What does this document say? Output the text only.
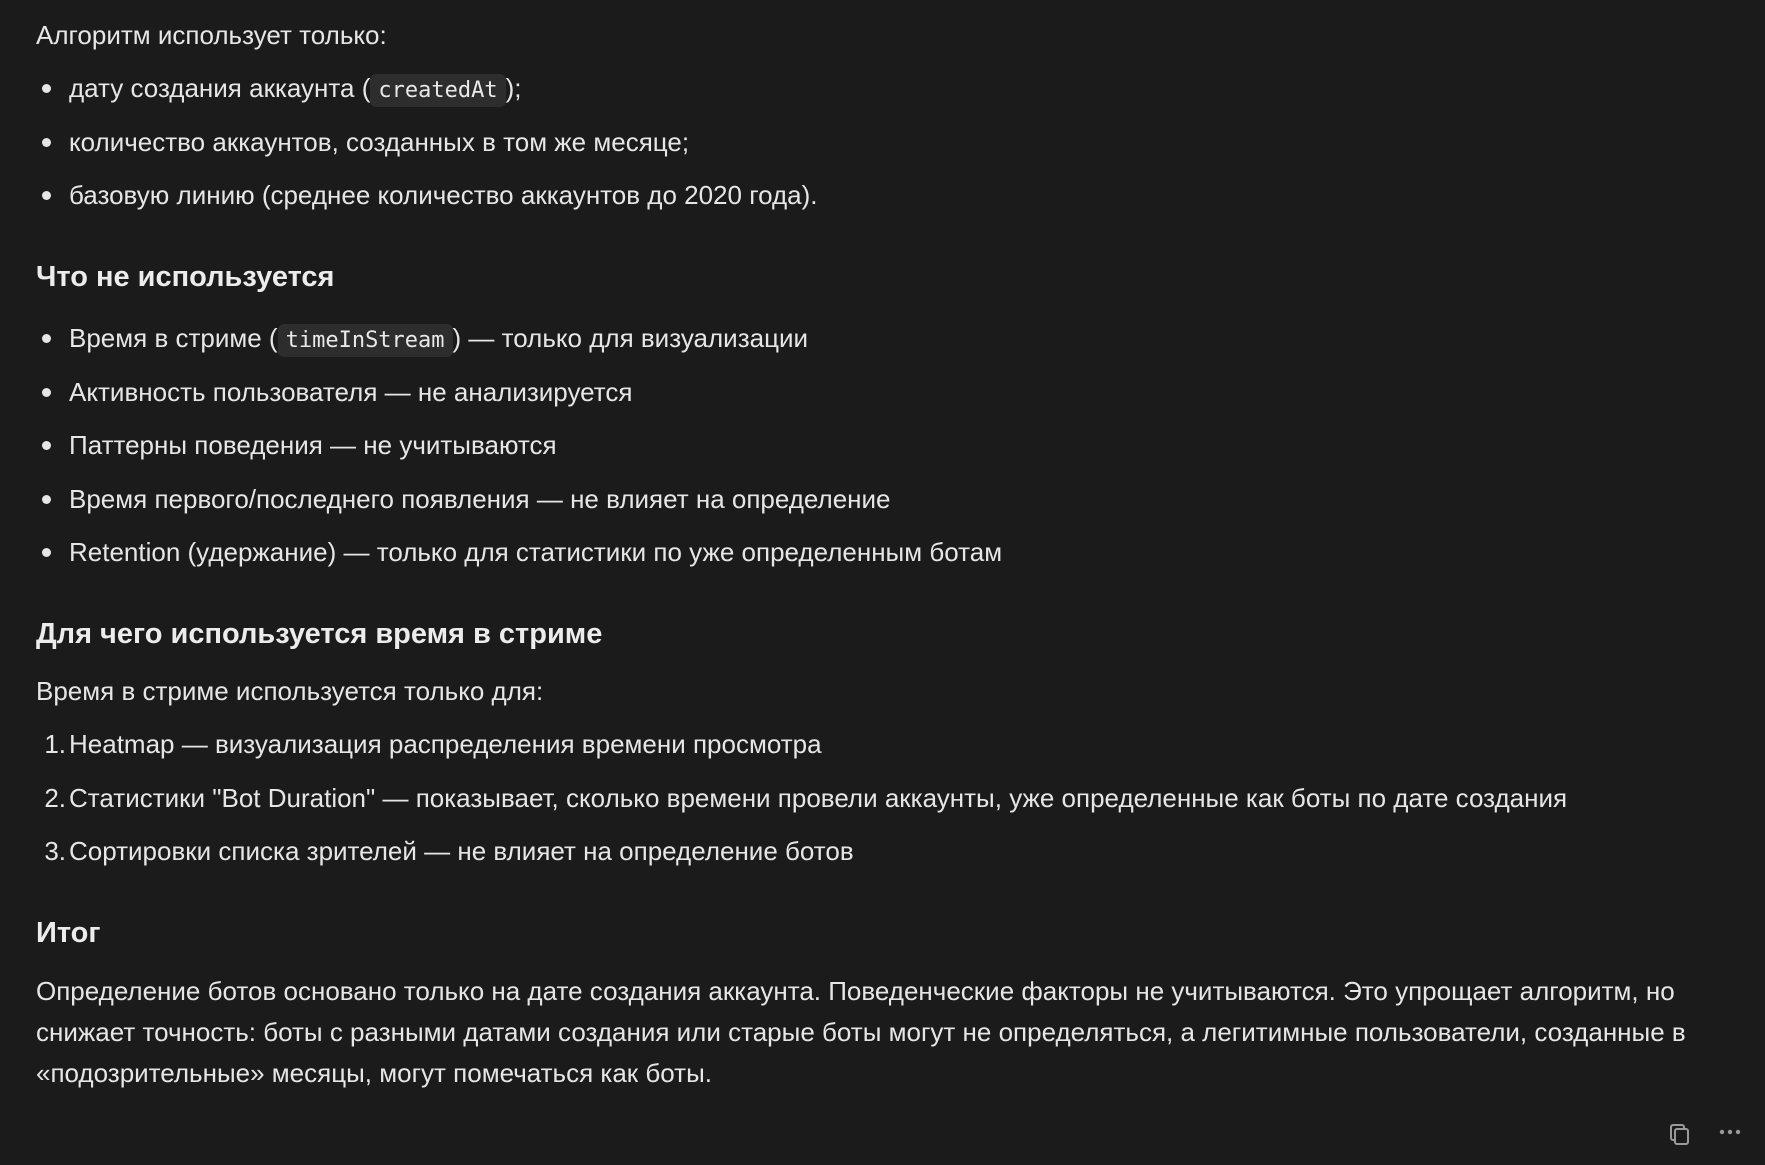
Алгоритм использует только:
дату создания аккаунта ( createdAt );
количество аккаунтов, созданных в том же месяце;
базовую линию (среднее количество аккаунтов до 2020 года).
Что не используется
Время в стриме ( timeInStream ) — только для визуализации
Активность пользователя — не анализируется
Паттерны поведения — не учитываются
Время первого/последнего появления — не влияет на определение
Retention (удержание) — только для статистики по уже определенным ботам
Для чего используется время в стриме
Время в стриме используется только для:
1. Heatmap — визуализация распределения времени просмотра
2. Статистики "Bot Duration" — показывает, сколько времени провели аккаунты, уже определенные как боты по дате создания
3. Сортировки списка зрителей — не влияет на определение ботов
Итог
Определение ботов основано только на дате создания аккаунта. Поведенческие факторы не учитываются. Это упрощает алгоритм, но снижает точность: боты с разными датами создания или старые боты могут не определяться, а легитимные пользователи, созданные в «подозрительные» месяцы, могут помечаться как боты.
